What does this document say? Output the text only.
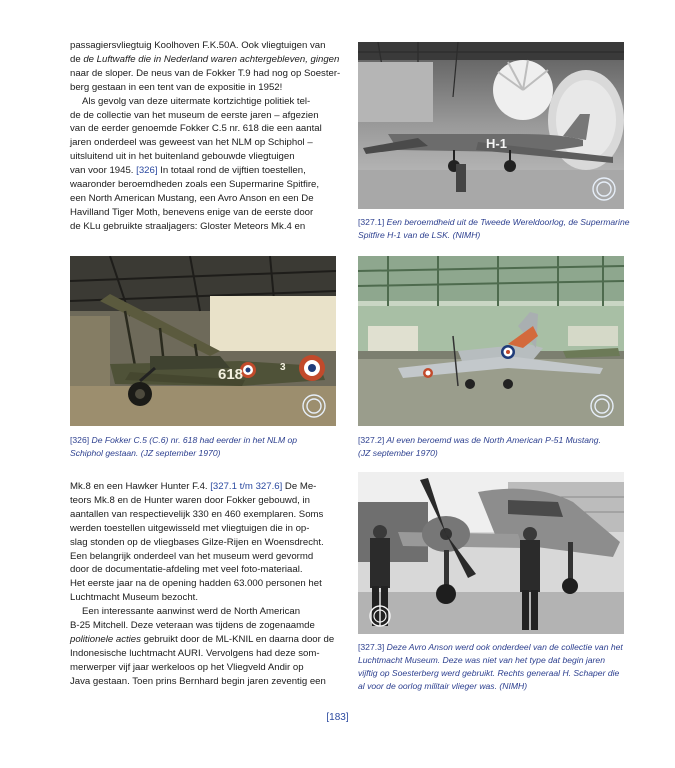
passagiersvliegtuig Koolhoven F.K.50A. Ook vliegtuigen van

de de Luftwaffe die in Nederland waren achtergebleven, gingen

naar de sloper. De neus van de Fokker T.9 had nog op Soester-

berg gestaan in een tent van de expositie in 1952!

Als gevolg van deze uitermate kortzichtige politiek tel-

de de collectie van het museum de eerste jaren – afgezien

van de eerder genoemde Fokker C.5 nr. 618 die een aantal

jaren onderdeel was geweest van het NLM op Schiphol –

uitsluitend uit in het buitenland gebouwde vliegtuigen

van voor 1945. [326] In totaal rond de vijftien toestellen,

waaronder beroemdheden zoals een Supermarine Spitfire,

een North American Mustang, een Avro Anson en een De

Havilland Tiger Moth, benevens enige van de eerste door

de KLu gebruikte straaljagers: Gloster Meteors Mk.4 en

H-1
[327.1] Een beroemdheid uit de Tweede Wereldoorlog, de Supermarine
Spitfire H-1 van de LSK. (NIMH)
618	3
[326] De Fokker C.5 (C.6) nr. 618 had eerder in het NLM op
Schiphol gestaan. (JZ september 1970)
[327.2] Al even beroemd was de North American P-51 Mustang.
(JZ september 1970)

Mk.8 en een Hawker Hunter F.4. [327.1 t/m 327.6] De Me-

teors Mk.8 en de Hunter waren door Fokker gebouwd, in

aantallen van respectievelijk 330 en 460 exemplaren. Soms

werden toestellen uitgewisseld met vliegtuigen die in op-

slag stonden op de vliegbases Gilze-Rijen en Woensdrecht.

Een belangrijk onderdeel van het museum werd gevormd

door de documentatie-afdeling met veel foto-materiaal.

Het eerste jaar na de opening hadden 63.000 personen het

Luchtmacht Museum bezocht.

Een interessante aanwinst werd de North American

B-25 Mitchell. Deze veteraan was tijdens de zogenaamde

politionele acties gebruikt door de ML-KNIL en daarna door de

Indonesische luchtmacht AURI. Vervolgens had deze som-

merwerper vijf jaar werkeloos op het Vliegveld Andir op

Java gestaan. Toen prins Bernhard begin jaren zeventig een

[327.3] Deze Avro Anson werd ook onderdeel van de collectie van het
Luchtmacht Museum. Deze was niet van het type dat begin jaren
vijftig op Soesterberg werd gebruikt. Rechts generaal H. Schaper die
al voor de oorlog militair vlieger was. (NIMH)
[183]
